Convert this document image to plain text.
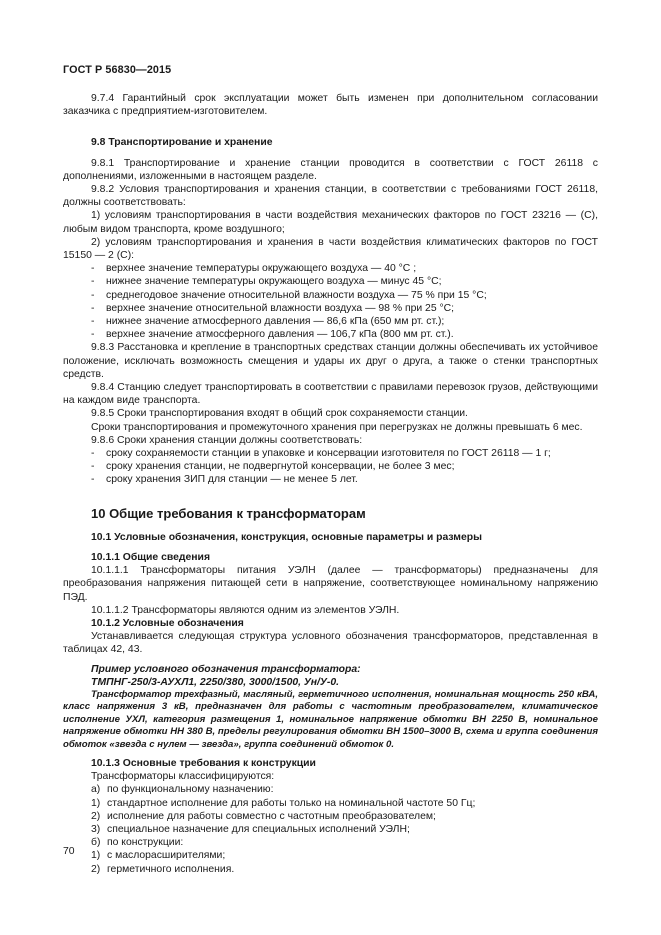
ГОСТ Р 56830—2015

9.7.4 Гарантийный срок эксплуатации может быть изменен при дополнительном согласовании заказчика с предприятием-изготовителем.

9.8 Транспортирование и хранение

9.8.1 Транспортирование и хранение станции проводится в соответствии с ГОСТ 26118 с дополнениями, изложенными в настоящем разделе.

9.8.2 Условия транспортирования и хранения станции, в соответствии с требованиями ГОСТ 26118, должны соответствовать:

1) условиям транспортирования в части воздействия механических факторов по ГОСТ 23216 — (С), любым видом транспорта, кроме воздушного;

2) условиям транспортирования и хранения в части воздействия климатических факторов по ГОСТ 15150 — 2 (С):

- верхнее значение температуры окружающего воздуха — 40 °С ;

- нижнее значение температуры окружающего воздуха — минус 45 °С;

- среднегодовое значение относительной влажности воздуха — 75 % при 15 °С;

- верхнее значение относительной влажности воздуха — 98 % при 25 °С;

- нижнее значение атмосферного давления — 86,6 кПа (650 мм рт. ст.);

- верхнее значение атмосферного давления — 106,7 кПа (800 мм рт. ст.).

9.8.3 Расстановка и крепление в транспортных средствах станции должны обеспечивать их устойчивое положение, исключать возможность смещения и удары их друг о друга, а также о стенки транспортных средств.

9.8.4 Станцию следует транспортировать в соответствии с правилами перевозок грузов, действующими на каждом виде транспорта.

9.8.5 Сроки транспортирования входят в общий срок сохраняемости станции.

Сроки транспортирования и промежуточного хранения при перегрузках не должны превышать 6 мес.

9.8.6 Сроки хранения станции должны соответствовать:

- сроку сохраняемости станции в упаковке и консервации изготовителя по ГОСТ 26118 — 1 г;

- сроку хранения станции, не подвергнутой консервации, не более 3 мес;

- сроку хранения ЗИП для станции — не менее 5 лет.

10 Общие требования к трансформаторам

10.1 Условные обозначения, конструкция, основные параметры и размеры

10.1.1 Общие сведения

10.1.1.1 Трансформаторы питания УЭЛН (далее — трансформаторы) предназначены для преобразования напряжения питающей сети в напряжение, соответствующее номинальному напряжению ПЭД.

10.1.1.2 Трансформаторы являются одним из элементов УЭЛН.

10.1.2 Условные обозначения

Устанавливается следующая структура условного обозначения трансформаторов, представленная в таблицах 42, 43.

Пример условного обозначения трансформатора:

ТМПНГ-250/3-АУХЛ1, 2250/380, 3000/1500, Ун/У-0.

Трансформатор трехфазный, масляный, герметичного исполнения, номинальная мощность 250 кВА, класс напряжения 3 кВ, предназначен для работы с частотным преобразователем, климатическое исполнение УХЛ, категория размещения 1, номинальное напряжение обмотки ВН 2250 В, номинальное напряжение обмотки НН 380 В, пределы регулирования обмотки ВН 1500–3000 В, схема и группа соединения обмоток «звезда с нулем — звезда», группа соединений обмоток 0.

10.1.3 Основные требования к конструкции

Трансформаторы классифицируются:

а) по функциональному назначению:

1) стандартное исполнение для работы только на номинальной частоте 50 Гц;

2) исполнение для работы совместно с частотным преобразователем;

3) специальное назначение для специальных исполнений УЭЛН;

б) по конструкции:

1) с маслорасширителями;

2) герметичного исполнения.

70
